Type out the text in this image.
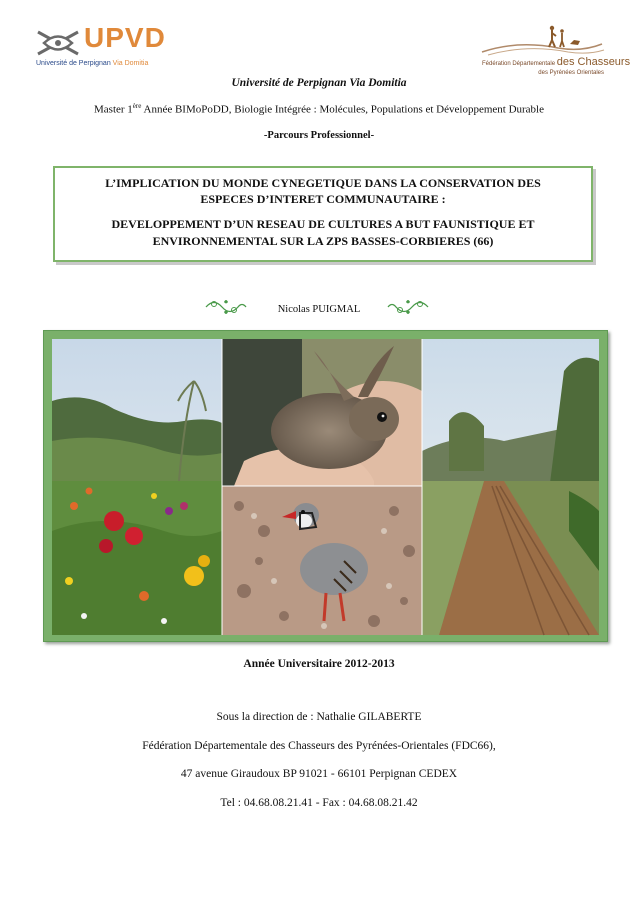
UPVD
Université de Perpignan Via Domitia	Fédération Départementale des Chasseurs
des Pyrénées Orientales
Université de Perpignan Via Domitia
Master 1ère Année BIMoPoDD, Biologie Intégrée : Molécules, Populations et Développement Durable
-Parcours Professionnel-
L’IMPLICATION DU MONDE CYNEGETIQUE DANS LA CONSERVATION DES
ESPECES D’INTERET COMMUNAUTAIRE :
DEVELOPPEMENT D’UN RESEAU DE CULTURES A BUT FAUNISTIQUE ET
ENVIRONNEMENTAL SUR LA ZPS BASSES-CORBIERES (66)
Nicolas PUIGMAL
Année Universitaire 2012-2013
Sous la direction de : Nathalie GILABERTE
Fédération Départementale des Chasseurs des Pyrénées-Orientales (FDC66),
47 avenue Giraudoux BP 91021 - 66101 Perpignan CEDEX
Tel : 04.68.08.21.41 - Fax : 04.68.08.21.42
